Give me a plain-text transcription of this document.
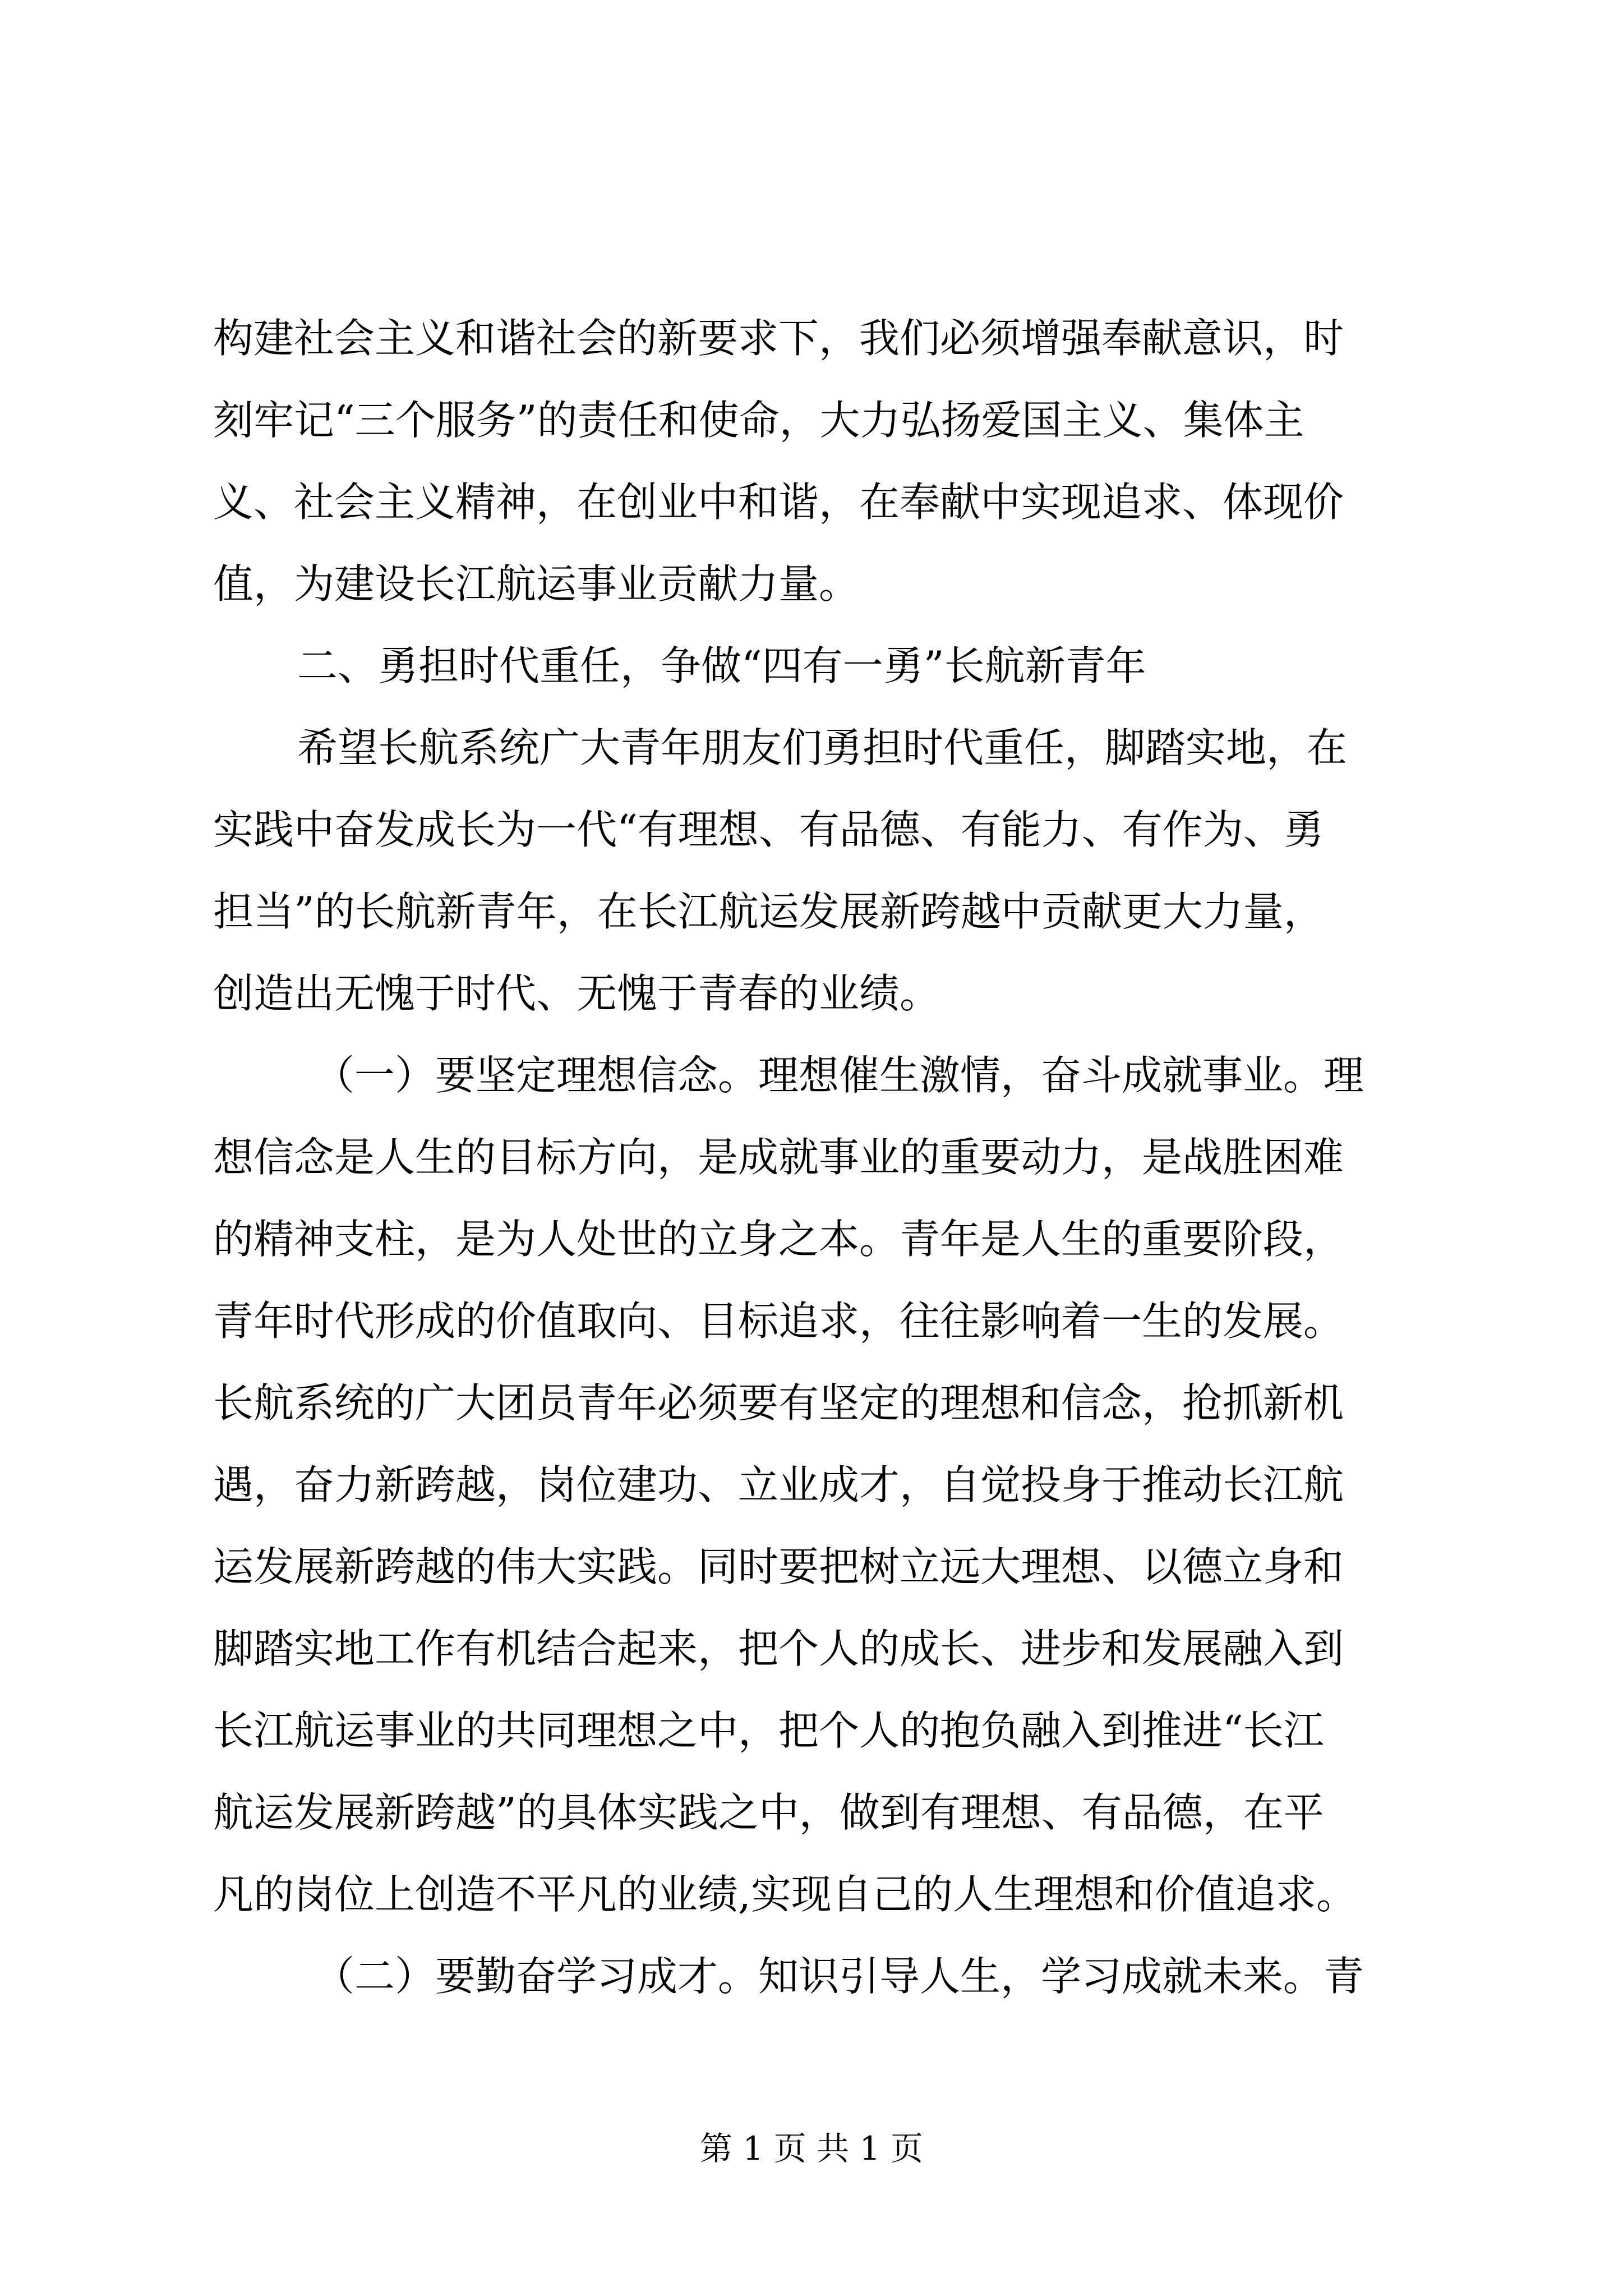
构建社会主义和谐社会的新要求下，我们必须增强奉献意识，时
刻牢记“三个服务”的责任和使命，大力弘扬爱国主义、集体主
义、社会主义精神，在创业中和谐，在奉献中实现追求、体现价
值，为建设长江航运事业贡献力量。
二、勇担时代重任，争做“四有一勇”长航新青年
希望长航系统广大青年朋友们勇担时代重任，脚踏实地，在
实践中奋发成长为一代“有理想、有品德、有能力、有作为、勇
担当”的长航新青年，在长江航运发展新跨越中贡献更大力量，
创造出无愧于时代、无愧于青春的业绩。
（一）要坚定理想信念。理想催生激情，奋斗成就事业。理
想信念是人生的目标方向，是成就事业的重要动力，是战胜困难
的精神支柱，是为人处世的立身之本。青年是人生的重要阶段，
青年时代形成的价值取向、目标追求，往往影响着一生的发展。
长航系统的广大团员青年必须要有坚定的理想和信念，抢抓新机
遇，奋力新跨越，岗位建功、立业成才，自觉投身于推动长江航
运发展新跨越的伟大实践。同时要把树立远大理想、以德立身和
脚踏实地工作有机结合起来，把个人的成长、进步和发展融入到
长江航运事业的共同理想之中，把个人的抱负融入到推进“长江
航运发展新跨越”的具体实践之中，做到有理想、有品德，在平
凡的岗位上创造不平凡的业绩,实现自己的人生理想和价值追求。
（二）要勤奋学习成才。知识引导人生，学习成就未来。青
第 1 页 共 1 页
